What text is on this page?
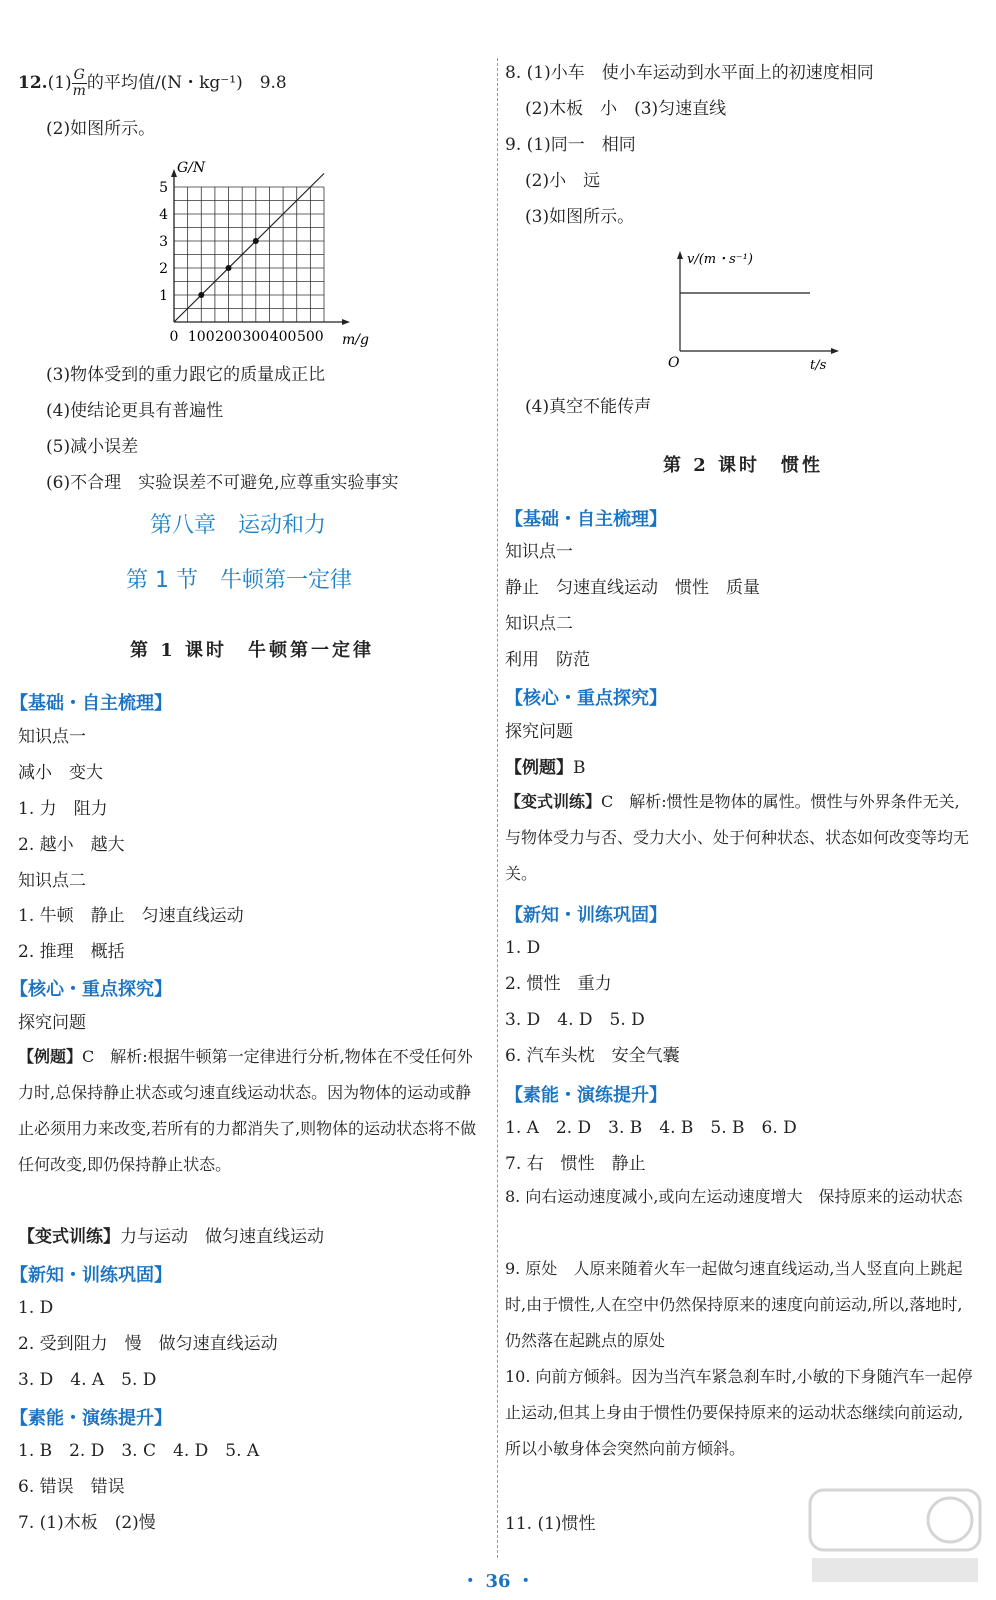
$12.(1) \frac{G}{m}$ 的平均值/(N・kg⁻¹)　9.8
(2)如图所示。
0 100 200 300 400 500
1
2
3
4
5
G/N
m/g
(3)物体受到的重力跟它的质量成正比
(4)使结论更具有普遍性
(5)减小误差
(6)不合理　实验误差不可避免,应尊重实验事实
第八章　运动和力
第 1 节　牛顿第一定律
第 1 课时　牛顿第一定律
【基础・自主梳理】
知识点一
减小　变大
1. 力　阻力
2. 越小　越大
知识点二
1. 牛顿　静止　匀速直线运动
2. 推理　概括
【核心・重点探究】
探究问题
【例题】C　解析:根据牛顿第一定律进行分析,物体在不受任何外力时,总保持静止状态或匀速直线运动状态。因为物体的运动或静止必须用力来改变,若所有的力都消失了,则物体的运动状态将不做任何改变,即仍保持静止状态。
【变式训练】力与运动　做匀速直线运动
【新知・训练巩固】
1. D
2. 受到阻力　慢　做匀速直线运动
3. D　4. A　5. D
【素能・演练提升】
1. B　2. D　3. C　4. D　5. A
6. 错误　错误
7. (1)木板　(2)慢
8. (1)小车　使小车运动到水平面上的初速度相同
(2)木板　小　(3)匀速直线
9. (1)同一　相同
(2)小　远
(3)如图所示。
v/(m・s⁻¹)
O	t/s
(4)真空不能传声
第 2 课时　惯性
【基础・自主梳理】
知识点一
静止　匀速直线运动　惯性　质量
知识点二
利用　防范
【核心・重点探究】
探究问题
【例题】B
【变式训练】C　解析:惯性是物体的属性。惯性与外界条件无关,与物体受力与否、受力大小、处于何种状态、状态如何改变等均无关。
【新知・训练巩固】
1. D
2. 惯性　重力
3. D　4. D　5. D
6. 汽车头枕　安全气囊
【素能・演练提升】
1. A　2. D　3. B　4. B　5. B　6. D
7. 右　惯性　静止
8. 向右运动速度减小,或向左运动速度增大　保持原来的运动状态
9. 原处　人原来随着火车一起做匀速直线运动,当人竖直向上跳起时,由于惯性,人在空中仍然保持原来的速度向前运动,所以,落地时,仍然落在起跳点的原处
10. 向前方倾斜。因为当汽车紧急刹车时,小敏的下身随汽车一起停止运动,但其上身由于惯性仍要保持原来的运动状态继续向前运动,所以小敏身体会突然向前方倾斜。
11. (1)惯性
・ 36 ・
